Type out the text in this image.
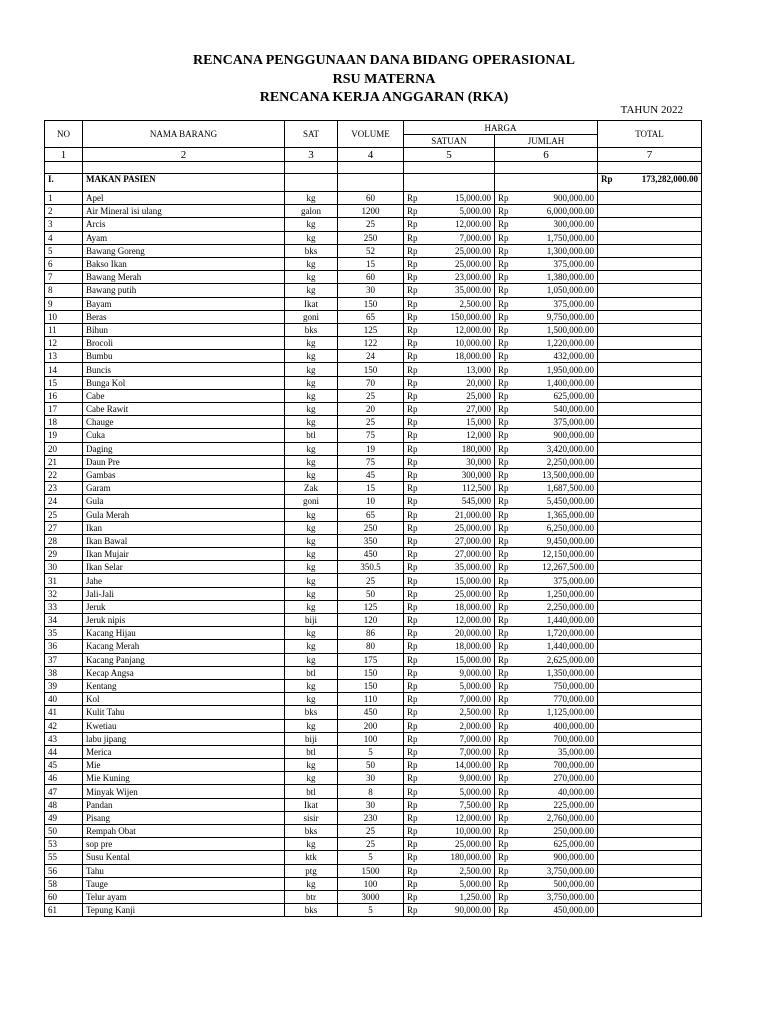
RENCANA PENGGUNAAN DANA BIDANG OPERASIONAL
RSU MATERNA
RENCANA KERJA ANGGARAN (RKA)
TAHUN 2022
NO	NAMA BARANG	SAT	VOLUME	HARGA		TOTAL
				SATUAN	JUMLAH	
1	2	3	4	5	6	7

I.	MAKAN PASIEN					Rp 173,282,000.00

1	Apel	kg	60	Rp 15,000.00	Rp 900,000.00	

2	Air Mineral isi ulang	galon	1200	Rp 5,000.00	Rp 6,000,000.00	

3	Arcis	kg	25	Rp 12,000.00	Rp 300,000.00	

4	Ayam	kg	250	Rp 7,000.00	Rp 1,750,000.00	

5	Bawang Goreng	bks	52	Rp 25,000.00	Rp 1,300,000.00	

6	Bakso Ikan	kg	15	Rp 25,000.00	Rp 375,000.00	

7	Bawang Merah	kg	60	Rp 23,000.00	Rp 1,380,000.00	

8	Bawang putih	kg	30	Rp 35,000.00	Rp 1,050,000.00	

9	Bayam	Ikat	150	Rp 2,500.00	Rp 375,000.00	

10	Beras	goni	65	Rp 150,000.00	Rp 9,750,000.00	

11	Bihun	bks	125	Rp 12,000.00	Rp 1,500,000.00	

12	Brocoli	kg	122	Rp 10,000.00	Rp 1,220,000.00	

13	Bumbu	kg	24	Rp 18,000.00	Rp 432,000.00	

14	Buncis	kg	150	Rp 13,000	Rp 1,950,000.00	

15	Bunga Kol	kg	70	Rp 20,000	Rp 1,400,000.00	

16	Cabe	kg	25	Rp 25,000	Rp 625,000.00	

17	Cabe Rawit	kg	20	Rp 27,000	Rp 540,000.00	

18	Chauge	kg	25	Rp 15,000	Rp 375,000.00	

19	Cuka	btl	75	Rp 12,000	Rp 900,000.00	

20	Daging	kg	19	Rp 180,000	Rp 3,420,000.00	

21	Daun Pre	kg	75	Rp 30,000	Rp 2,250,000.00	

22	Gambas	kg	45	Rp 300,000	Rp 13,500,000.00	

23	Garam	Zak	15	Rp 112,500	Rp 1,687,500.00	

24	Gula	goni	10	Rp 545,000	Rp 5,450,000.00	

25	Gula Merah	kg	65	Rp 21,000.00	Rp 1,365,000.00	

27	Ikan	kg	250	Rp 25,000.00	Rp 6,250,000.00	

28	Ikan Bawal	kg	350	Rp 27,000.00	Rp 9,450,000.00	

29	Ikan Mujair	kg	450	Rp 27,000.00	Rp 12,150,000.00	

30	Ikan Selar	kg	350.5	Rp 35,000.00	Rp 12,267,500.00	

31	Jahe	kg	25	Rp 15,000.00	Rp 375,000.00	

32	Jali-Jali	kg	50	Rp 25,000.00	Rp 1,250,000.00	

33	Jeruk	kg	125	Rp 18,000.00	Rp 2,250,000.00	

34	Jeruk nipis	biji	120	Rp 12,000.00	Rp 1,440,000.00	

35	Kacang Hijau	kg	86	Rp 20,000.00	Rp 1,720,000.00	

36	Kacang Merah	kg	80	Rp 18,000.00	Rp 1,440,000.00	

37	Kacang Panjang	kg	175	Rp 15,000.00	Rp 2,625,000.00	

38	Kecap Angsa	btl	150	Rp 9,000.00	Rp 1,350,000.00	

39	Kentang	kg	150	Rp 5,000.00	Rp 750,000.00	

40	Kol	kg	110	Rp 7,000.00	Rp 770,000.00	

41	Kulit Tahu	bks	450	Rp 2,500.00	Rp 1,125,000.00	

42	Kwetiau	kg	200	Rp 2,000.00	Rp 400,000.00	

43	labu jipang	biji	100	Rp 7,000.00	Rp 700,000.00	

44	Merica	btl	5	Rp 7,000.00	Rp 35,000.00	

45	Mie	kg	50	Rp 14,000.00	Rp 700,000.00	

46	Mie Kuning	kg	30	Rp 9,000.00	Rp 270,000.00	

47	Minyak Wijen	btl	8	Rp 5,000.00	Rp 40,000.00	

48	Pandan	Ikat	30	Rp 7,500.00	Rp 225,000.00	

49	Pisang	sisir	230	Rp 12,000.00	Rp 2,760,000.00	

50	Rempah Obat	bks	25	Rp 10,000.00	Rp 250,000.00	

53	sop pre	kg	25	Rp 25,000.00	Rp 625,000.00	

55	Susu Kental	ktk	5	Rp 180,000.00	Rp 900,000.00	

56	Tahu	ptg	1500	Rp 2,500.00	Rp 3,750,000.00	

58	Tauge	kg	100	Rp 5,000.00	Rp 500,000.00	

60	Telur ayam	btr	3000	Rp 1,250.00	Rp 3,750,000.00	

61	Tepung Kanji	bks	5	Rp 90,000.00	Rp 450,000.00	
